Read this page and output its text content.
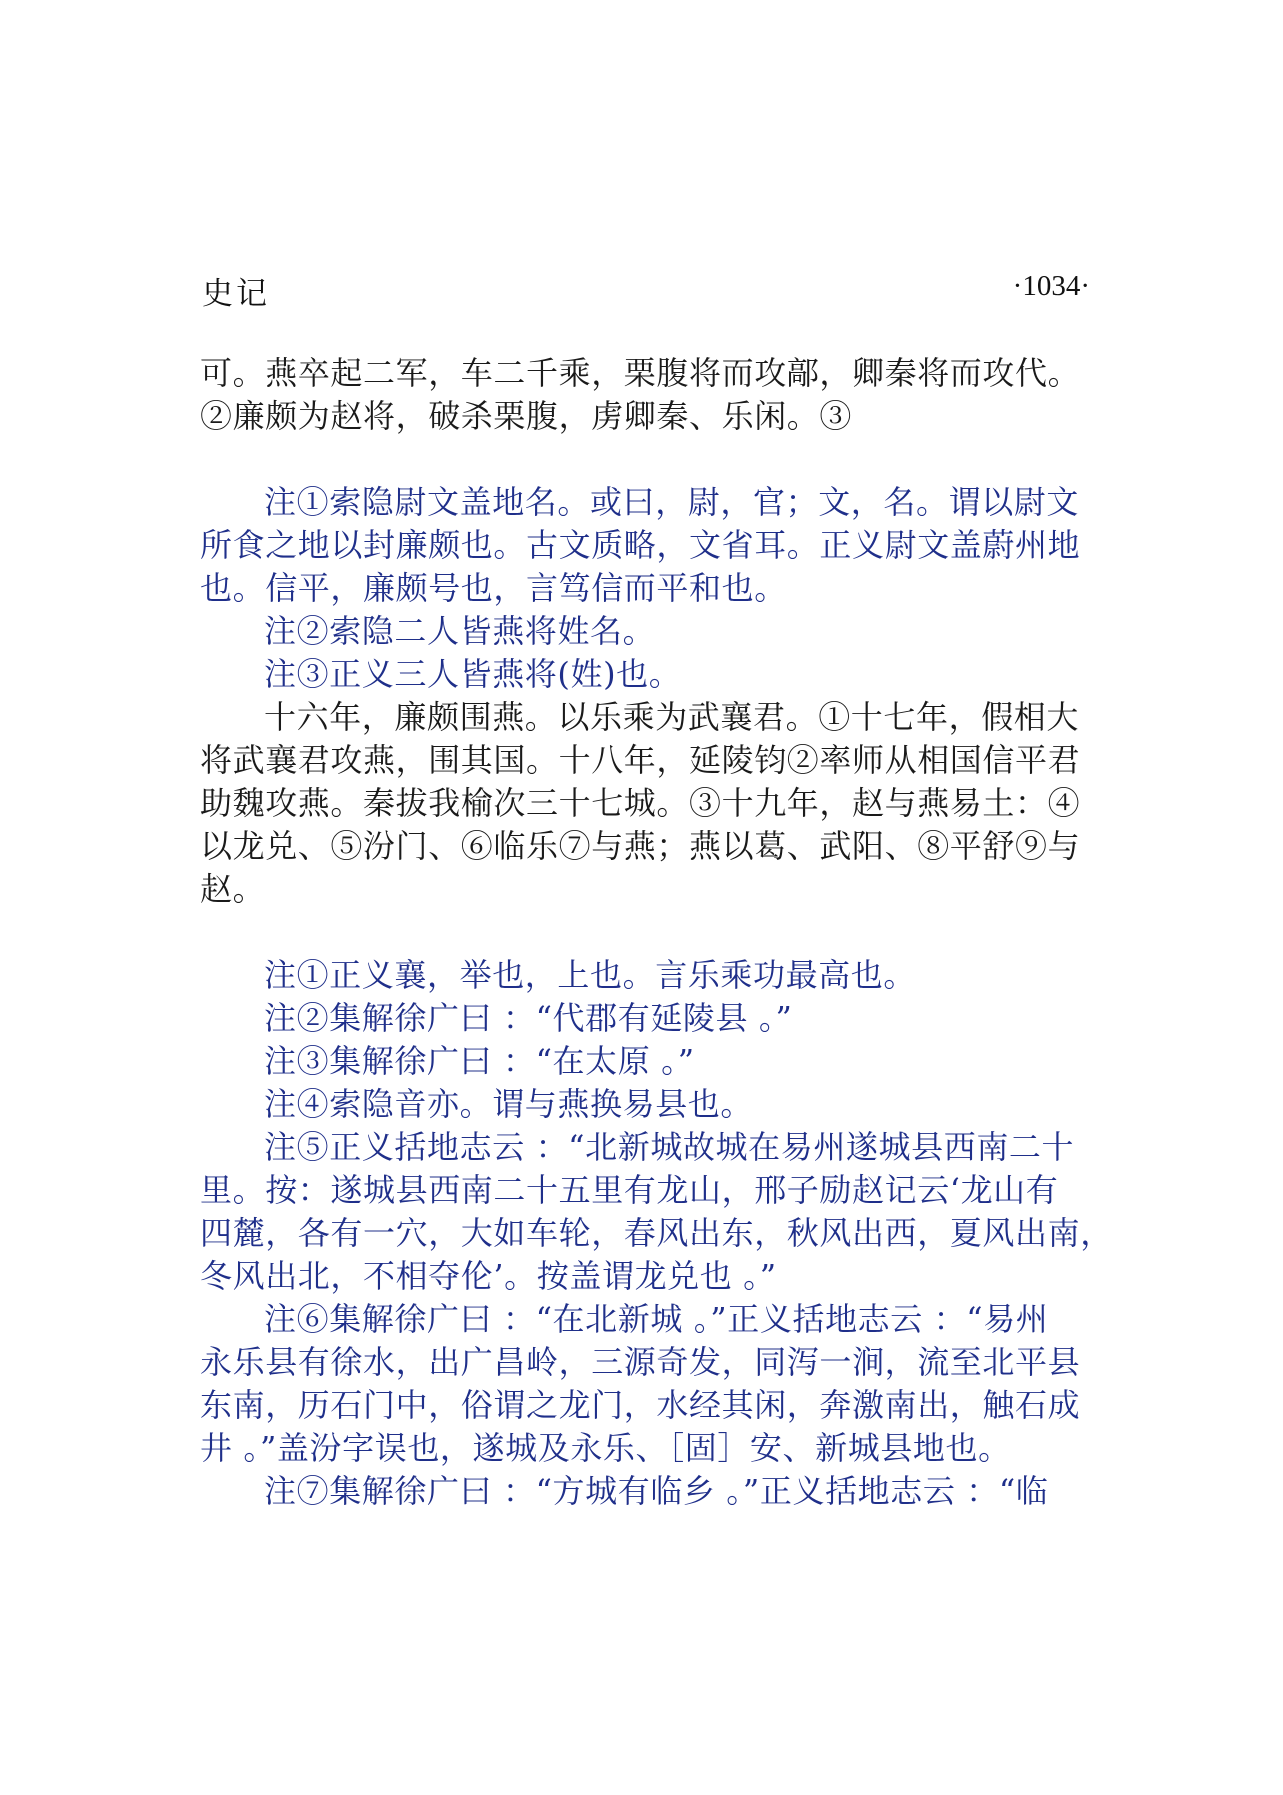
史记	·1034·
可。燕卒起二军，车二千乘，栗腹将而攻鄗，卿秦将而攻代。
②廉颇为赵将，破杀栗腹，虏卿秦、乐闲。③
注①索隐尉文盖地名。或曰，尉，官；文，名。谓以尉文
所食之地以封廉颇也。古文质略，文省耳。正义尉文盖蔚州地
也。信平，廉颇号也，言笃信而平和也。
注②索隐二人皆燕将姓名。
注③正义三人皆燕将(姓)也。
十六年，廉颇围燕。以乐乘为武襄君。①十七年，假相大
将武襄君攻燕，围其国。十八年，延陵钧②率师从相国信平君
助魏攻燕。秦拔我榆次三十七城。③十九年，赵与燕易土：④
以龙兑、⑤汾门、⑥临乐⑦与燕；燕以葛、武阳、⑧平舒⑨与
赵。
注①正义襄，举也，上也。言乐乘功最高也。
注②集解徐广曰 ：“代郡有延陵县 。”
注③集解徐广曰 ：“在太原 。”
注④索隐音亦。谓与燕换易县也。
注⑤正义括地志云 ：“北新城故城在易州遂城县西南二十
里。按：遂城县西南二十五里有龙山，邢子励赵记云‘龙山有
四麓，各有一穴，大如车轮，春风出东，秋风出西，夏风出南，
冬风出北，不相夺伦’。按盖谓龙兑也 。”
注⑥集解徐广曰 ：“在北新城 。”正义括地志云 ：“易州
永乐县有徐水，出广昌岭，三源奇发，同泻一涧，流至北平县
东南，历石门中，俗谓之龙门，水经其闲，奔激南出，触石成
井 。”盖汾字误也，遂城及永乐、［固］安、新城县地也。
注⑦集解徐广曰 ：“方城有临乡 。”正义括地志云 ：“临
